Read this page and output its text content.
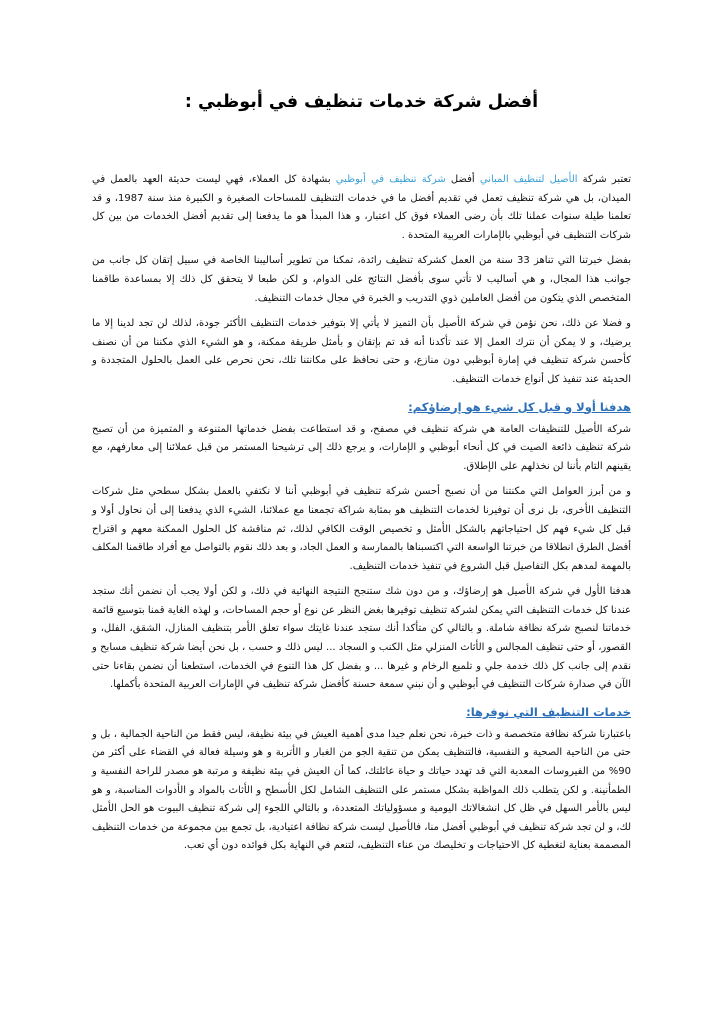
أفضل شركة خدمات تنظيف في أبوظبي :

تعتبر شركة الأصيل لتنظيف المباني أفضل شركة تنظيف في أبوظبي بشهادة كل العملاء، فهي ليست حديثة العهد بالعمل في الميدان، بل هي شركة تنظيف تعمل في تقديم أفضل ما في خدمات التنظيف للمساحات الصغيرة و الكبيرة منذ سنة 1987، و قد تعلمنا طيلة سنوات عملنا تلك بأن رضى العملاء فوق كل اعتبار، و هذا المبدأ هو ما يدفعنا إلى تقديم أفضل الخدمات من بين كل شركات التنظيف في أبوظبي بالإمارات العربية المتحدة .

بفضل خبرتنا التي تناهز 33 سنة من العمل كشركة تنظيف رائدة، تمكنا من تطوير أساليبنا الخاصة في سبيل إتقان كل جانب من جوانب هذا المجال، و هي أساليب لا تأتي سوى بأفضل النتائج على الدوام، و لكن طبعا لا يتحقق كل ذلك إلا بمساعدة طاقمنا المتخصص الذي يتكون من أفضل العاملين ذوي التدريب و الخبرة في مجال خدمات التنظيف.

و فضلا عن ذلك، نحن نؤمن في شركة الأصيل بأن التميز لا يأتي إلا بتوفير خدمات التنظيف الأكثر جودة، لذلك لن تجد لدينا إلا ما يرضيك، و لا يمكن أن نترك العمل إلا عند تأكدنا أنه قد تم بإتقان و بأمثل طريقة ممكنة، و هو الشيء الذي مكننا من أن نصنف كأحسن شركة تنظيف في إمارة أبوظبي دون منازع، و حتى نحافظ على مكانتنا تلك، نحن نحرص على العمل بالحلول المتجددة و الحديثة عند تنفيذ كل أنواع خدمات التنظيف.

هدفنا أولا و قبل كل شيء هو إرضاؤكم:

شركة الأصيل للتنظيفات العامة هي شركة تنظيف في مصفح، و قد استطاعت بفضل خدماتها المتنوعة و المتميزة من أن تصبح شركة تنظيف ذائعة الصيت في كل أنحاء أبوظبي و الإمارات، و يرجع ذلك إلى ترشيحنا المستمر من قبل عملائنا إلى معارفهم، مع يقينهم التام بأننا لن نخذلهم على الإطلاق.

و من أبرز العوامل التي مكنتنا من أن نصبح أحسن شركة تنظيف في أبوظبي أننا لا نكتفي بالعمل بشكل سطحي مثل شركات التنظيف الأخرى، بل نرى أن توفيرنا لخدمات التنظيف هو بمثابة شراكة تجمعنا مع عملائنا، الشيء الذي يدفعنا إلى أن نحاول أولا و قبل كل شيء فهم كل احتياجاتهم بالشكل الأمثل و تخصيص الوقت الكافي لذلك، ثم مناقشة كل الحلول الممكنة معهم و اقتراح أفضل الطرق انطلاقا من خبرتنا الواسعة التي اكتسبناها بالممارسة و العمل الجاد، و بعد ذلك نقوم بالتواصل مع أفراد طاقمنا المكلف بالمهمة لمدهم بكل التفاصيل قبل الشروع في تنفيذ خدمات التنظيف.

هدفنا الأول في شركة الأصيل هو إرضاؤك، و من دون شك ستنجح النتيجة النهائية في ذلك، و لكن أولا يجب أن نضمن أنك ستجد عندنا كل خدمات التنظيف التي يمكن لشركة تنظيف توفيرها بغض النظر عن نوع أو حجم المساحات، و لهذه الغاية قمنا بتوسيع قائمة خدماتنا لنصبح شركة نظافة شاملة. و بالتالي كن متأكدا أنك ستجد عندنا غايتك سواء تعلق الأمر بتنظيف المنازل، الشقق، الفلل، و القصور، أو حتى تنظيف المجالس و الأثاث المنزلي مثل الكنب و السجاد ... ليس ذلك و حسب ، بل نحن أيضا شركة تنظيف مسابح و نقدم إلى جانب كل ذلك خدمة جلي و تلميع الرخام و غيرها ... و بفضل كل هذا التنوع في الخدمات، استطعنا أن نضمن بقاءنا حتى الآن في صدارة شركات التنظيف في أبوظبي و أن نبني سمعة حسنة كأفضل شركة تنظيف في الإمارات العربية المتحدة بأكملها.

خدمات التنظيف التي نوفرها:

باعتبارنا شركة نظافة متخصصة و ذات خبرة، نحن نعلم جيدا مدى أهمية العيش في بيئة نظيفة، ليس فقط من الناحية الجمالية ، بل و حتى من الناحية الصحية و النفسية، فالتنظيف يمكن من تنقية الجو من الغبار و الأتربة و هو وسيلة فعالة في القضاء على أكثر من 90% من الفيروسات المعدية التي قد تهدد حياتك و حياة عائلتك، كما أن العيش في بيئة نظيفة و مرتبة هو مصدر للراحة النفسية و الطمأنينة. و لكن يتطلب ذلك المواظبة بشكل مستمر على التنظيف الشامل لكل الأسطح و الأثاث بالمواد و الأدوات المناسبة، و هو ليس بالأمر السهل في ظل كل انشغالاتك اليومية و مسؤولياتك المتعددة، و بالتالي اللجوء إلى شركة تنظيف البيوت هو الحل الأمثل لك، و لن تجد شركة تنظيف في أبوظبي أفضل منا، فالأصيل ليست شركة نظافة اعتيادية، بل تجمع بين مجموعة من خدمات التنظيف المصممة بعناية لتغطية كل الاحتياجات و تخليصك من عناء التنظيف، لتنعم في النهاية بكل فوائده دون أي تعب.
